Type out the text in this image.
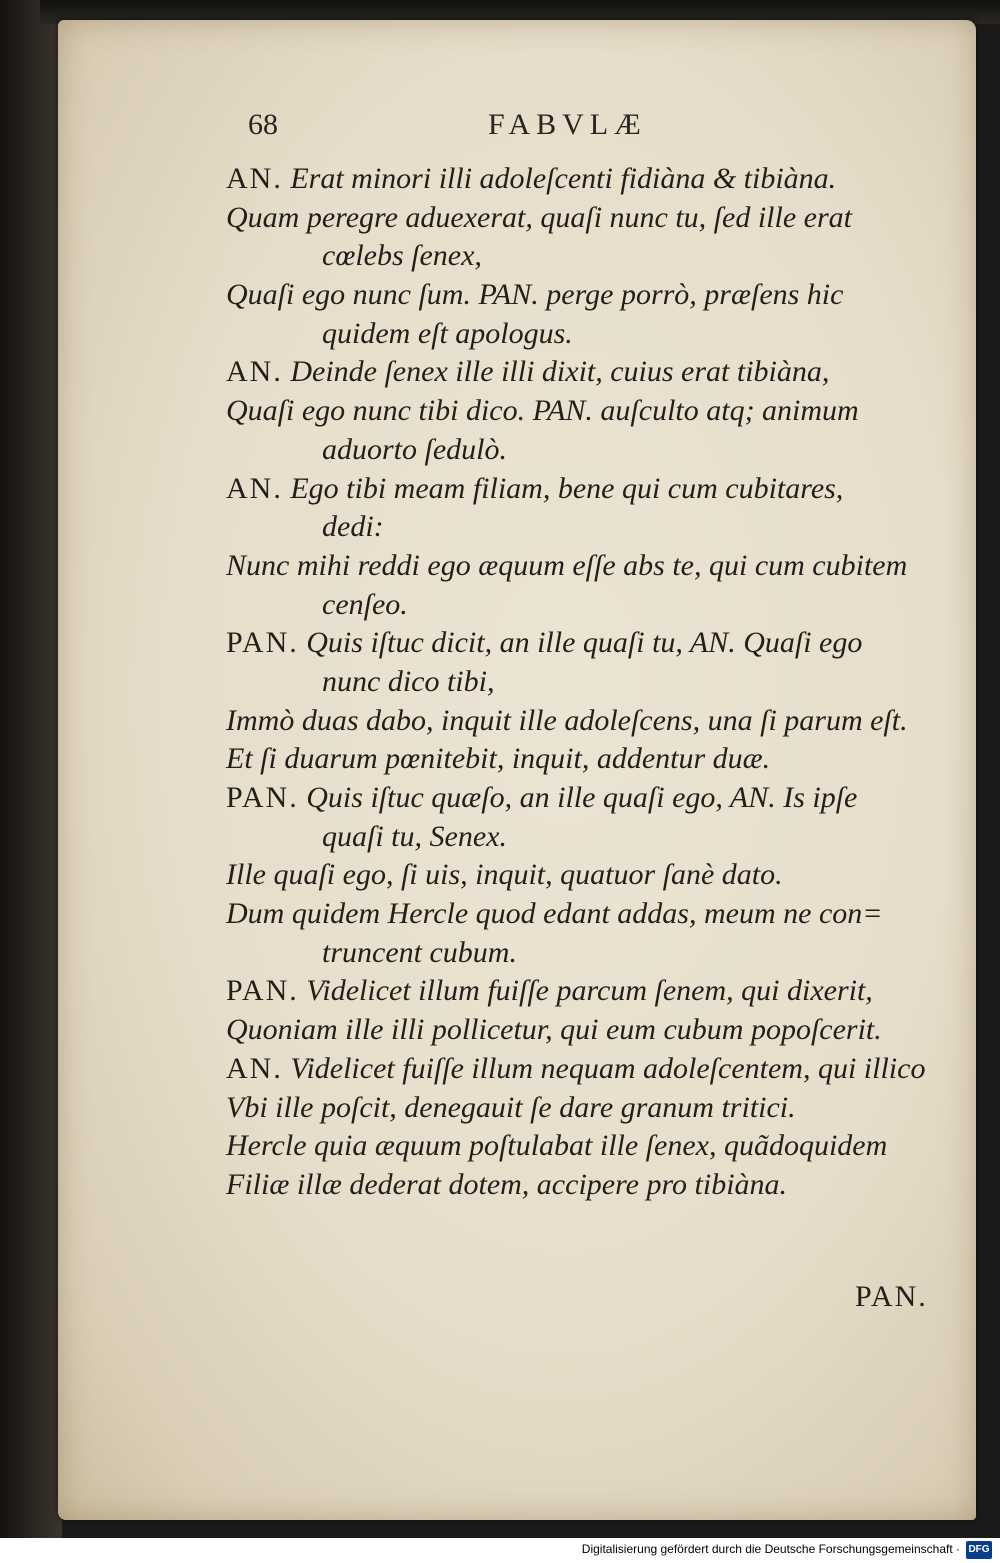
68	FABVLÆ
AN. Erat minori illi adoleſcenti fidiàna & tibiàna.
Quam peregre aduexerat, quaſi nunc tu, ſed ille erat
cœlebs ſenex,
Quaſi ego nunc ſum. PAN. perge porrò, præſens hic
quidem eſt apologus.
AN. Deinde ſenex ille illi dixit, cuius erat tibiàna,
Quaſi ego nunc tibi dico. PAN. auſculto atq; animum
aduorto ſedulò.
AN. Ego tibi meam filiam, bene qui cum cubitares,
dedi:
Nunc mihi reddi ego æquum eſſe abs te, qui cum cubitem
cenſeo.
PAN. Quis iſtuc dicit, an ille quaſi tu, AN. Quaſi ego
nunc dico tibi,
Immò duas dabo, inquit ille adoleſcens, una ſi parum eſt.
Et ſi duarum pœnitebit, inquit, addentur duæ.
PAN. Quis iſtuc quæſo, an ille quaſi ego, AN. Is ipſe
quaſi tu, Senex.
Ille quaſi ego, ſi uis, inquit, quatuor ſanè dato.
Dum quidem Hercle quod edant addas, meum ne con=
truncent cubum.
PAN. Videlicet illum fuiſſe parcum ſenem, qui dixerit,
Quoniam ille illi pollicetur, qui eum cubum popoſcerit.
AN. Videlicet fuiſſe illum nequam adoleſcentem, qui illico
Vbi ille poſcit, denegauit ſe dare granum tritici.
Hercle quia æquum poſtulabat ille ſenex, quãdoquidem
Filiæ illæ dederat dotem, accipere pro tibiàna.
PAN.
Digitalisierung gefördert durch die Deutsche Forschungsgemeinschaft · DFG
